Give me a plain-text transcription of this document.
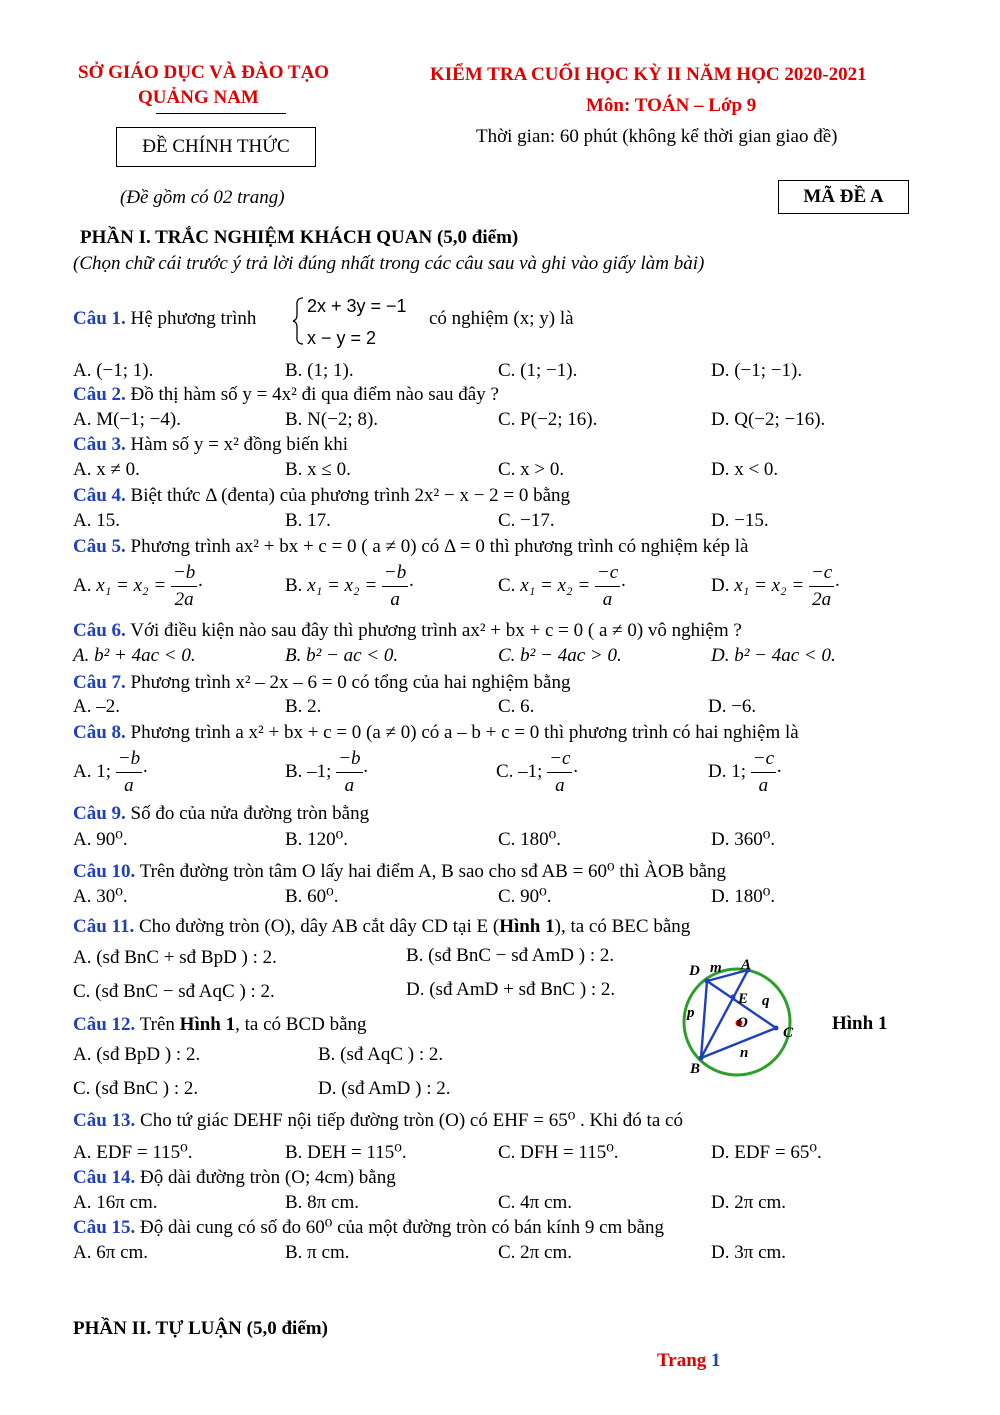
SỞ GIÁO DỤC VÀ ĐÀO TẠO
QUẢNG NAM
KIỂM TRA CUỐI HỌC KỲ II NĂM HỌC 2020-2021
Môn: TOÁN – Lớp 9
ĐỀ CHÍNH THỨC	Thời gian: 60 phút (không kể thời gian giao đề)
(Đề gồm có 02 trang)	MÃ ĐỀ A
PHẦN I. TRẮC NGHIỆM KHÁCH QUAN (5,0 điểm)
(Chọn chữ cái trước ý trả lời đúng nhất trong các câu sau và ghi vào giấy làm bài)
Câu 1. Hệ phương trình
2x + 3y = −1
x − y = 2
có nghiệm (x; y) là
A. (−1; 1).	B. (1; 1).	C. (1; −1).	D. (−1; −1).
Câu 2. Đồ thị hàm số y = 4x² đi qua điểm nào sau đây ?
A. M(−1; −4).	B. N(−2; 8).	C. P(−2; 16).	D. Q(−2; −16).
Câu 3. Hàm số y = x² đồng biến khi
A. x ≠ 0.	B. x ≤ 0.	C. x > 0.	D. x < 0.
Câu 4. Biệt thức Δ (đenta) của phương trình 2x² − x − 2 = 0 bằng
A. 15.	B. 17.	C. −17.	D. −15.
Câu 5. Phương trình ax² + bx + c = 0 ( a ≠ 0) có Δ = 0 thì phương trình có nghiệm kép là
A. $x_1 = x_2 = \frac{-b}{2a}$ ·	B. $x_1 = x_2 = \frac{-b}{a}$ ·	C. $x_1 = x_2 = \frac{-c}{a}$ ·	D. $x_1 = x_2 = \frac{-c}{2a}$ ·
Câu 6. Với điều kiện nào sau đây thì phương trình ax² + bx + c = 0 ( a ≠ 0) vô nghiệm ?
A. b² + 4ac < 0.	B. b² − ac < 0.	C. b² − 4ac > 0.	D. b² − 4ac < 0.
Câu 7. Phương trình x² – 2x – 6 = 0 có tổng của hai nghiệm bằng
A. –2.	B. 2.	C. 6.	D. −6.
Câu 8. Phương trình a x² + bx + c = 0 (a ≠ 0) có a – b + c = 0 thì phương trình có hai nghiệm là
A. 1; $\frac{-b}{a}$ ·	B. –1; $\frac{-b}{a}$ ·	C. –1; $\frac{-c}{a}$ ·	D. 1; $\frac{-c}{a}$ ·
Câu 9. Số đo của nửa đường tròn bằng
A. 90⁰.	B. 120⁰.	C. 180⁰.	D. 360⁰.
Câu 10. Trên đường tròn tâm O lấy hai điểm A, B sao cho sđ AB = 60⁰ thì ÀOB bằng
A. 30⁰.	B. 60⁰.	C. 90⁰.	D. 180⁰.
Câu 11. Cho đường tròn (O), dây AB cắt dây CD tại E (Hình 1), ta có BEC bằng
A. (sđ BnC + sđ BpD ) : 2.	B. (sđ BnC − sđ AmD ) : 2.
C. (sđ BnC − sđ AqC ) : 2.	D. (sđ AmD + sđ BnC ) : 2.
Câu 12. Trên Hình 1, ta có BCD bằng
A. (sđ BpD ) : 2.	B. (sđ AqC ) : 2.
C. (sđ BnC ) : 2.	D. (sđ AmD ) : 2.
D m A
E q
p
O
C
n
B
Hình 1
Câu 13. Cho tứ giác DEHF nội tiếp đường tròn (O) có EHF = 65⁰ . Khi đó ta có
A. EDF = 115⁰.	B. DEH = 115⁰.	C. DFH = 115⁰.	D. EDF = 65⁰.
Câu 14. Độ dài đường tròn (O; 4cm) bằng
A. 16π cm.	B. 8π cm.	C. 4π cm.	D. 2π cm.
Câu 15. Độ dài cung có số đo 60⁰ của một đường tròn có bán kính 9 cm bằng
A. 6π cm.	B. π cm.	C. 2π cm.	D. 3π cm.
PHẦN II. TỰ LUẬN (5,0 điểm)
Trang 1
